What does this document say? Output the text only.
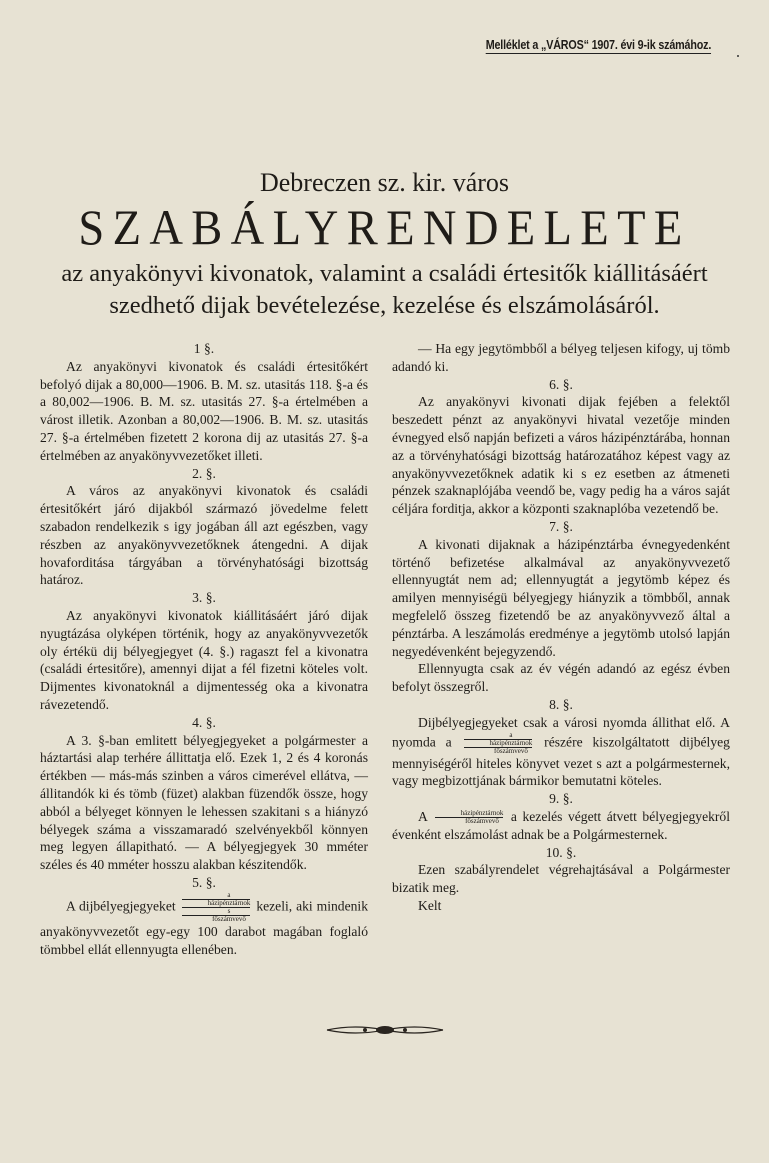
Melléklet a „VÁROS“ 1907. évi 9-ik számához.
Debreczen sz. kir. város
SZABÁLYRENDELETE
az anyakönyvi kivonatok, valamint a családi értesitők kiállitásáért
szedhető dijak bevételezése, kezelése és elszámolásáról.

1 §.

Az anyakönyvi kivonatok és családi értesitőkért befolyó dijak a 80,000—1906. B. M. sz. utasitás 118. §-a és a 80,002—1906. B. M. sz. utasitás 27. §-a értelmében a várost illetik. Azonban a 80,002—1906. B. M. sz. utasitás 27. §-a értelmében fizetett 2 korona dij az utasitás 27. §-a értelmében az anyakönyvvezetőket illeti.

2. §.

A város az anyakönyvi kivonatok és családi értesitőkért járó dijakból származó jövedelme felett szabadon rendelkezik s igy jogában áll azt egészben, vagy részben az anyakönyvvezetőknek átengedni. A dijak hovaforditása tárgyában a törvényhatósági bizottság határoz.

3. §.

Az anyakönyvi kivonatok kiállitásáért járó dijak nyugtázása olyképen történik, hogy az anyakönyvvezetők oly értékü dij bélyegjegyet (4. §.) ragaszt fel a kivonatra (családi értesitőre), amennyi dijat a fél fizetni köteles volt. Dijmentes kivonatoknál a dijmentesség oka a kivonatra rávezetendő.

4. §.

A 3. §-ban emlitett bélyegjegyeket a polgármester a háztartási alap terhére állittatja elő. Ezek 1, 2 és 4 koronás értékben — más-más szinben a város cimerével ellátva, — állitandók ki és tömb (füzet) alakban füzendők össze, hogy abból a bélyeget könnyen le lehessen szakitani s a hiányzó bélyegek száma a visszamaradó szelvényekből könnyen meg legyen állapitható. — A bélyegjegyek 30 mméter széles és 40 mméter hosszu alakban készitendők.

5. §.

A dijbélyegjegyeket a
házipénztárnok
s
főszámvevő kezeli, aki mindenik anyakönyvvezetőt egy-egy 100 darabot magában foglaló tömbbel ellát ellennyugta ellenében.

— Ha egy jegytömbből a bélyeg teljesen kifogy, uj tömb adandó ki.

6. §.

Az anyakönyvi kivonati dijak fejében a felektől beszedett pénzt az anyakönyvi hivatal vezetője minden évnegyed első napján befizeti a város házipénztárába, honnan az a törvényhatósági bizottság határozatához képest vagy az anyakönyvvezetőknek adatik ki s ez esetben az átmeneti pénzek szaknaplójába veendő be, vagy pedig ha a város saját céljára forditja, akkor a központi szaknaplóba vezetendő be.

7. §.

A kivonati dijaknak a házipénztárba évnegyedenként történő befizetése alkalmával az anyakönyvvezető ellennyugtát nem ad; ellennyugtát a jegytömb képez és amilyen mennyiségü bélyegjegy hiányzik a tömbből, annak megfelelő összeg fizetendő be az anyakönyvvező által a pénztárba. A leszámolás eredménye a jegytömb utolsó lapján negyedévenként bejegyzendő.

Ellennyugta csak az év végén adandó az egész évben befolyt összegről.

8. §.

Dijbélyegjegyeket csak a városi nyomda állithat elő. A nyomda a a
házipénztárnok
főszámvevő részére kiszolgáltatott dijbélyeg mennyiségéről hiteles könyvet vezet s azt a polgármesternek, vagy megbizottjának bármikor bemutatni köteles.

9. §.

A $\frac{\text{házipénztárnok}}{\text{főszámvevő}}$ a kezelés végett átvett bélyegjegyekről évenként elszámolást adnak be a Polgármesternek.

10. §.

Ezen szabályrendelet végrehajtásával a Polgármester bizatik meg.

Kelt
